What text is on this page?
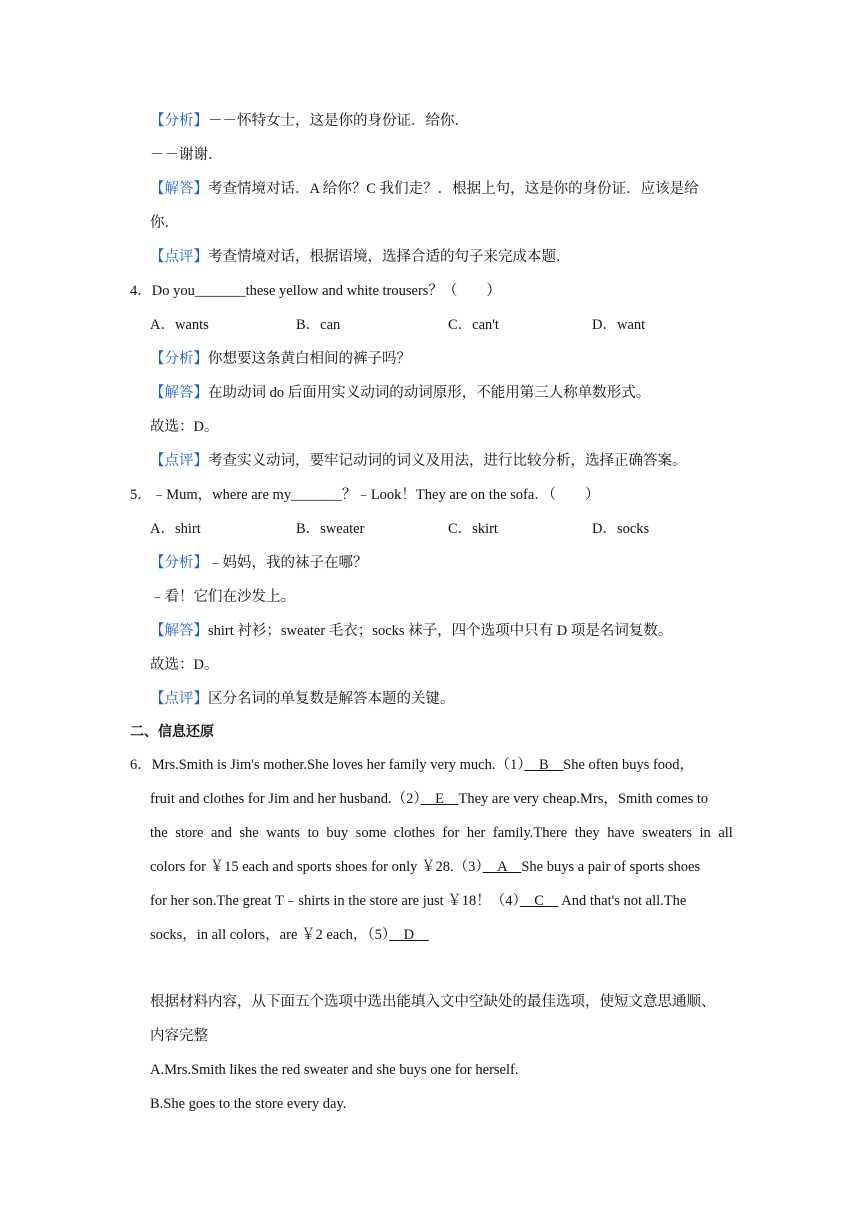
【分析】－－怀特女士，这是你的身份证．给你．
－－谢谢．
【解答】考查情境对话．A 给你？C 我们走？．根据上句，这是你的身份证．应该是给
你．
【点评】考查情境对话，根据语境，选择合适的句子来完成本题．
4．Do you_______these yellow and white trousers？（　　）
A．wants	B．can	C．can't	D．want
【分析】你想要这条黄白相间的裤子吗？
【解答】在助动词 do 后面用实义动词的动词原形，不能用第三人称单数形式。
故选：D。
【点评】考查实义动词，要牢记动词的词义及用法，进行比较分析，选择正确答案。
5．﹣Mum，where are my_______？﹣Look！They are on the sofa．（　　）
A．shirt	B．sweater	C．skirt	D．socks
【分析】﹣妈妈，我的袜子在哪？
﹣看！它们在沙发上。
【解答】shirt 衬衫；sweater 毛衣；socks 袜子，四个选项中只有 D 项是名词复数。
故选：D。
【点评】区分名词的单复数是解答本题的关键。
二、信息还原
6．Mrs.Smith is Jim's mother.She loves her family very much.（1）　B　She often buys food，
fruit and clothes for Jim and her husband.（2）　E　They are very cheap.Mrs，Smith comes to
the store and she wants to buy some clothes for her family.There they have sweaters in all
colors for ￥15 each and sports shoes for only ￥28.（3）　A　She buys a pair of sports shoes
for her son.The great T﹣shirts in the store are just ￥18！（4）　C　 And that's not all.The
socks，in all colors，are ￥2 each，（5）　D　
根据材料内容，从下面五个选项中选出能填入文中空缺处的最佳选项，使短文意思通顺、
内容完整
A.Mrs.Smith likes the red sweater and she buys one for herself.
B.She goes to the store every day.
